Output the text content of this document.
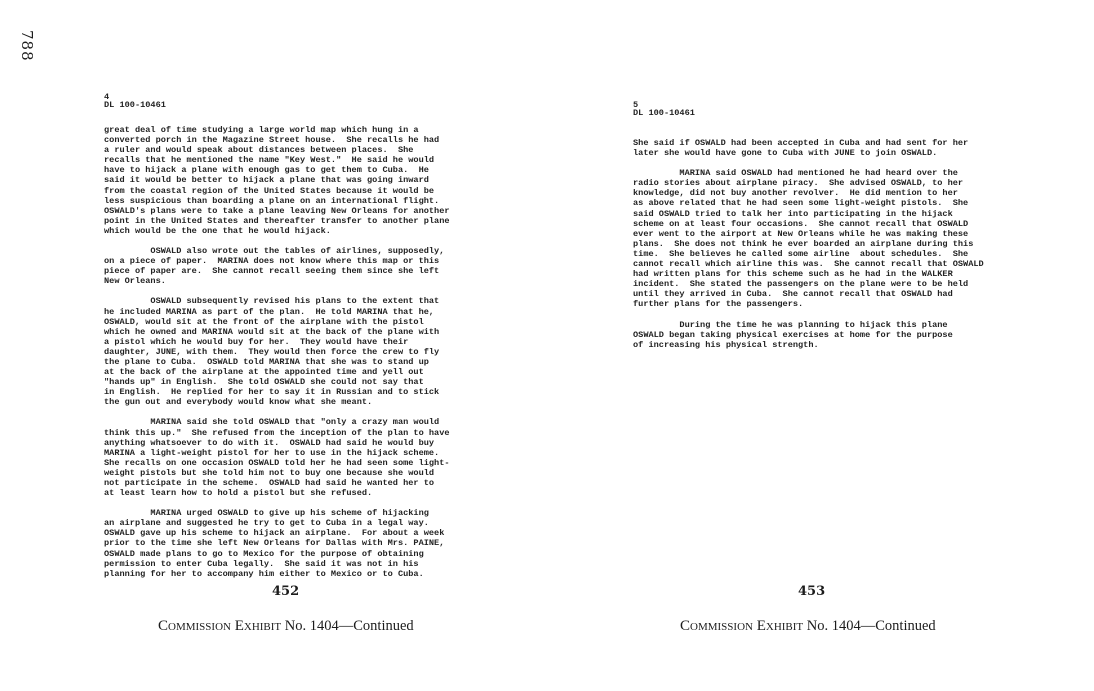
788
4
DL 100-10461
great deal of time studying a large world map which hung in a
converted porch in the Magazine Street house.  She recalls he had
a ruler and would speak about distances between places.  She
recalls that he mentioned the name "Key West."  He said he would
have to hijack a plane with enough gas to get them to Cuba.  He
said it would be better to hijack a plane that was going inward
from the coastal region of the United States because it would be
less suspicious than boarding a plane on an international flight.
OSWALD's plans were to take a plane leaving New Orleans for another
point in the United States and thereafter transfer to another plane
which would be the one that he would hijack.
OSWALD also wrote out the tables of airlines, supposedly,
on a piece of paper.  MARINA does not know where this map or this
piece of paper are.  She cannot recall seeing them since she left
New Orleans.
OSWALD subsequently revised his plans to the extent that
he included MARINA as part of the plan.  He told MARINA that he,
OSWALD, would sit at the front of the airplane with the pistol
which he owned and MARINA would sit at the back of the plane with
a pistol which he would buy for her.  They would have their
daughter, JUNE, with them.  They would then force the crew to fly
the plane to Cuba.  OSWALD told MARINA that she was to stand up
at the back of the airplane at the appointed time and yell out
"hands up" in English.  She told OSWALD she could not say that
in English.  He replied for her to say it in Russian and to stick
the gun out and everybody would know what she meant.
MARINA said she told OSWALD that "only a crazy man would
think this up."  She refused from the inception of the plan to have
anything whatsoever to do with it.  OSWALD had said he would buy
MARINA a light-weight pistol for her to use in the hijack scheme.
She recalls on one occasion OSWALD told her he had seen some light-
weight pistols but she told him not to buy one because she would
not participate in the scheme.  OSWALD had said he wanted her to
at least learn how to hold a pistol but she refused.
MARINA urged OSWALD to give up his scheme of hijacking
an airplane and suggested he try to get to Cuba in a legal way.
OSWALD gave up his scheme to hijack an airplane.  For about a week
prior to the time she left New Orleans for Dallas with Mrs. PAINE,
OSWALD made plans to go to Mexico for the purpose of obtaining
permission to enter Cuba legally.  She said it was not in his
planning for her to accompany him either to Mexico or to Cuba.
452
Commission Exhibit No. 1404—Continued
5
DL 100-10461
She said if OSWALD had been accepted in Cuba and had sent for her
later she would have gone to Cuba with JUNE to join OSWALD.
MARINA said OSWALD had mentioned he had heard over the
radio stories about airplane piracy.  She advised OSWALD, to her
knowledge, did not buy another revolver.  He did mention to her
as above related that he had seen some light-weight pistols.  She
said OSWALD tried to talk her into participating in the hijack
scheme on at least four occasions.  She cannot recall that OSWALD
ever went to the airport at New Orleans while he was making these
plans.  She does not think he ever boarded an airplane during this
time.  She believes he called some airline  about schedules.  She
cannot recall which airline this was.  She cannot recall that OSWALD
had written plans for this scheme such as he had in the WALKER
incident.  She stated the passengers on the plane were to be held
until they arrived in Cuba.  She cannot recall that OSWALD had
further plans for the passengers.
During the time he was planning to hijack this plane
OSWALD began taking physical exercises at home for the purpose
of increasing his physical strength.
453
Commission Exhibit No. 1404—Continued
